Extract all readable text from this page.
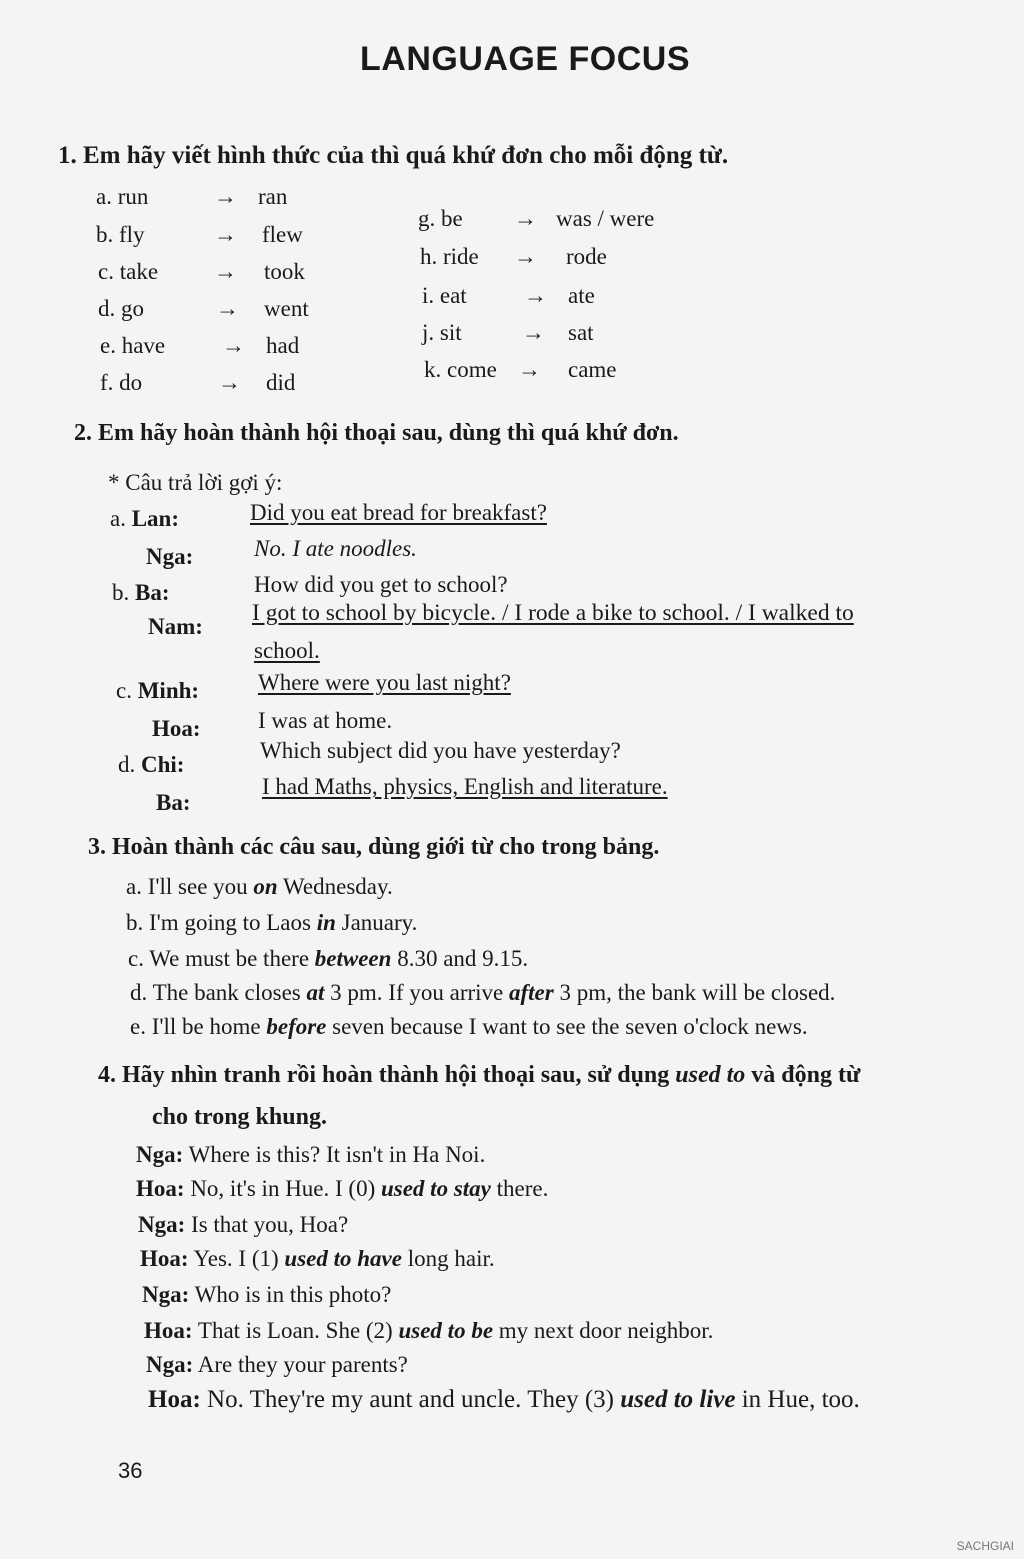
LANGUAGE FOCUS
1. Em hãy viết hình thức của thì quá khứ đơn cho mỗi động từ.
a. run	→ ran
b. fly	→ flew
c. take → took
d. go	→ went
e. have → had
f. do	→ did
g. be → was / were
h. ride → rode
i. eat → ate
j. sit	→ sat
k. come → came
2. Em hãy hoàn thành hội thoại sau, dùng thì quá khứ đơn.
* Câu trả lời gợi ý:
a. Lan:	Did you eat bread for breakfast?
Nga:	No. I ate noodles.
b. Ba:	How did you get to school?
Nam:
I got to school by bicycle. / I rode a bike to school. / I walked to
school.
c. Minh:	Where were you last night?
Hoa: I was at home.
d. Chi:
Which subject did you have yesterday?
Ba:
I had Maths, physics, English and literature.
3. Hoàn thành các câu sau, dùng giới từ cho trong bảng.
a. I'll see you on Wednesday.
b. I'm going to Laos in January.
c. We must be there between 8.30 and 9.15.
d. The bank closes at 3 pm. If you arrive after 3 pm, the bank will be closed.
e. I'll be home before seven because I want to see the seven o'clock news.
4. Hãy nhìn tranh rồi hoàn thành hội thoại sau, sử dụng used to và động từ
cho trong khung.
Nga: Where is this? It isn't in Ha Noi.
Hoa: No, it's in Hue. I (0) used to stay there.
Nga: Is that you, Hoa?
Hoa: Yes. I (1) used to have long hair.
Nga: Who is in this photo?
Hoa: That is Loan. She (2) used to be my next door neighbor.
Nga: Are they your parents?
Hoa: No. They're my aunt and uncle. They (3) used to live in Hue, too.
36
SACHGIAI
